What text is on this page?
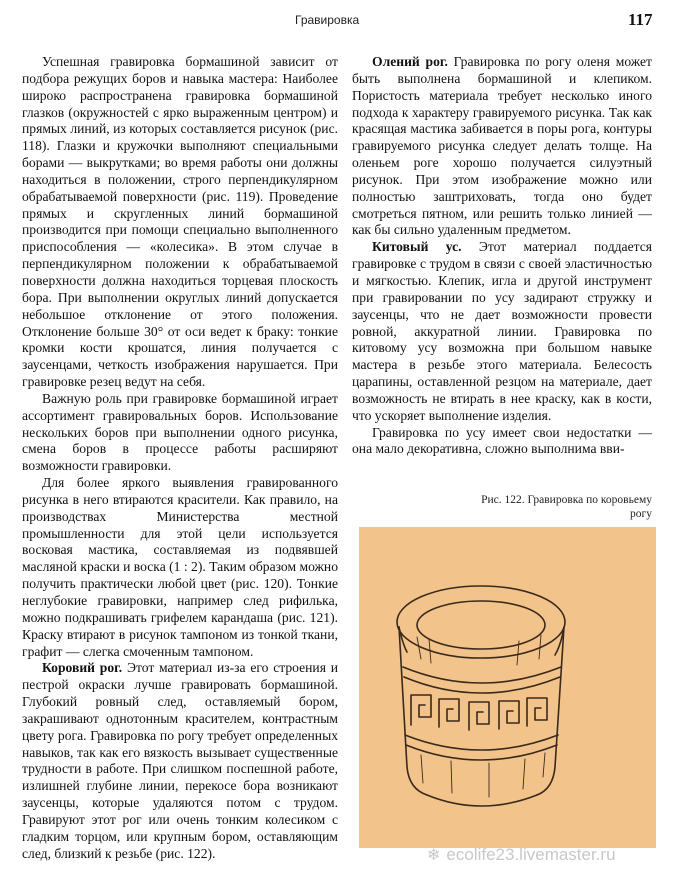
Гравировка	117

Успешная гравировка бормашиной зависит от подбора режущих боров и навыка мастера: Наиболее широко распространена гравировка бормашиной глазков (окружностей с ярко выраженным центром) и прямых линий, из которых составляется рисунок (рис. 118). Глазки и кружочки выполняют специальными борами — выкрутками; во время работы они должны находиться в положении, строго перпендикулярном обрабатываемой поверхности (рис. 119). Проведение прямых и скругленных линий бормашиной производится при помощи специально выполненного приспособления — «колесика». В этом случае в перпендикулярном положении к обрабатываемой поверхности должна находиться торцевая плоскость бора. При выполнении округлых линий допускается небольшое отклонение от этого положения. Отклонение больше 30° от оси ведет к браку: тонкие кромки кости крошатся, линия получается с заусенцами, четкость изображения нарушается. При гравировке резец ведут на себя.

Важную роль при гравировке бормашиной играет ассортимент гравировальных боров. Использование нескольких боров при выполнении одного рисунка, смена боров в процессе работы расширяют возможности гравировки.

Для более яркого выявления гравированного рисунка в него втираются красители. Как правило, на производствах Министерства местной промышленности для этой цели используется восковая мастика, составляемая из подвявшей масляной краски и воска (1 : 2). Таким образом можно получить практически любой цвет (рис. 120). Тонкие неглубокие гравировки, например след рифилька, можно подкрашивать грифелем карандаша (рис. 121). Краску втирают в рисунок тампоном из тонкой ткани, графит — слегка смоченным тампоном.

Коровий рог. Этот материал из-за его строения и пестрой окраски лучше гравировать бормашиной. Глубокий ровный след, оставляемый бором, закрашивают однотонным красителем, контрастным цвету рога. Гравировка по рогу требует определенных навыков, так как его вязкость вызывает существенные трудности в работе. При слишком поспешной работе, излишней глубине линии, перекосе бора возникают заусенцы, которые удаляются потом с трудом. Гравируют этот рог или очень тонким колесиком с гладким торцом, или крупным бором, оставляющим след, близкий к резьбе (рис. 122).

Олений рог. Гравировка по рогу оленя может быть выполнена бормашиной и клепиком. Пористость материала требует несколько иного подхода к характеру гравируемого рисунка. Так как красящая мастика забивается в поры рога, контуры гравируемого рисунка следует делать толще. На оленьем роге хорошо получается силуэтный рисунок. При этом изображение можно или полностью заштриховать, тогда оно будет смотреться пятном, или решить только линией — как бы сильно удаленным предметом.

Китовый ус. Этот материал поддается гравировке с трудом в связи с своей эластичностью и мягкостью. Клепик, игла и другой инструмент при гравировании по усу задирают стружку и заусенцы, что не дает возможности провести ровной, аккуратной линии. Гравировка по китовому усу возможна при большом навыке мастера в резьбе этого материала. Белесость царапины, оставленной резцом на материале, дает возможность не втирать в нее краску, как в кости, что ускоряет выполнение изделия.

Гравировка по усу имеет свои недостатки — она мало декоративна, сложно выполнима вви-

Рис. 122. Гравировка по коровьему рогу
❄ ecolife23.livemaster.ru
